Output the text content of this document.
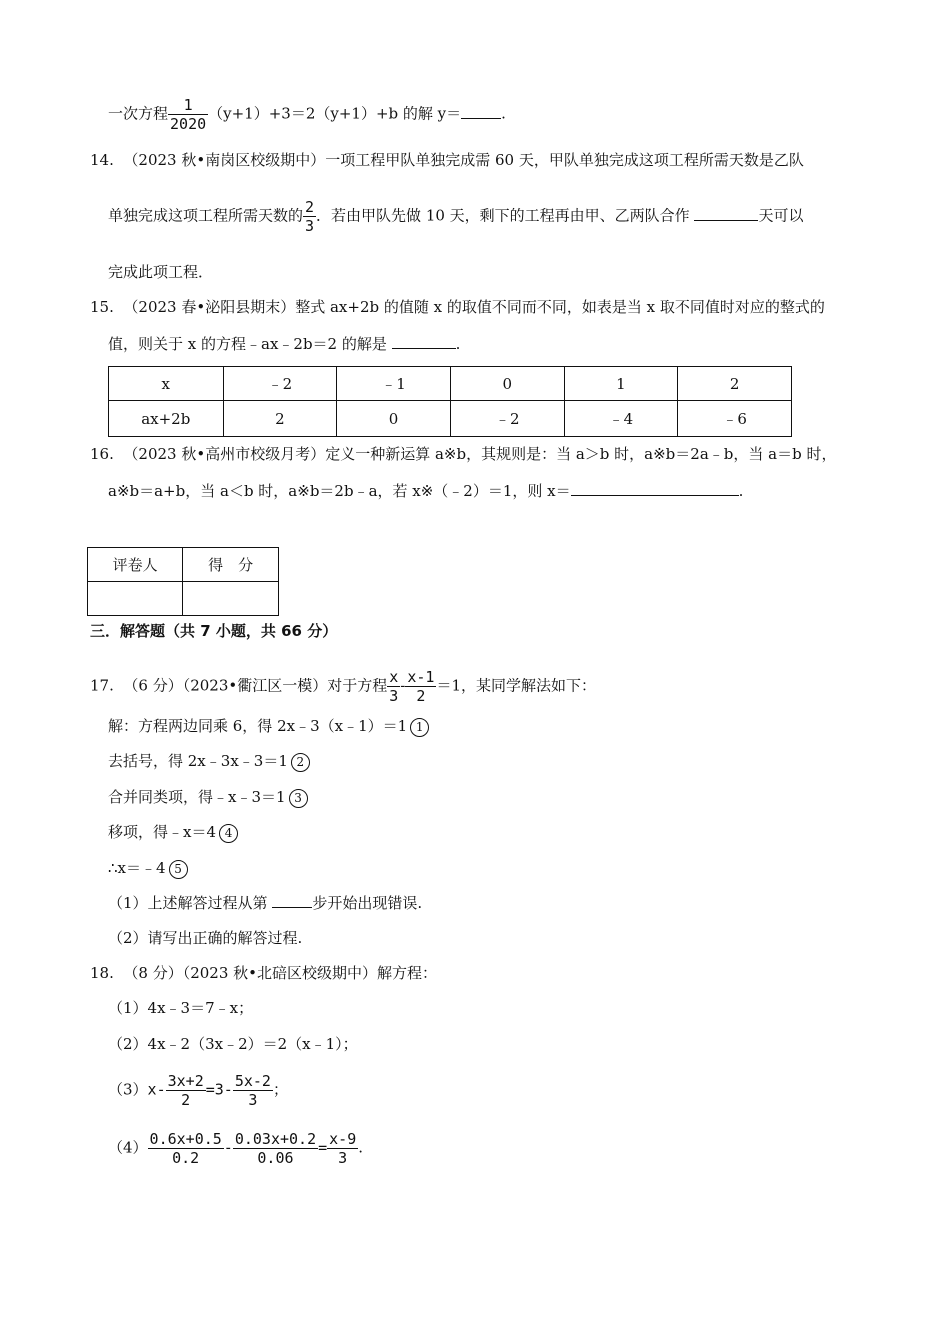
一次方程 $\frac{1}{2020} (y+1)+3=2(y+1)+b$ 的解 y＝	.
14. （2023 秋•南岗区校级期中）一项工程甲队单独完成需 60 天，甲队单独完成这项工程所需天数是乙队
单独完成这项工程所需天数的 $\frac{2}{3}$ ．若由甲队先做 10 天，剩下的工程再由甲、乙两队合作	天可以
完成此项工程．
15. （2023 春•泌阳县期末）整式 ax+2b 的值随 x 的取值不同而不同，如表是当 x 取不同值时对应的整式的
值，则关于 x 的方程﹣ax﹣2b＝2 的解是	.
x	﹣2	﹣1	0	1	2
ax+2b	2	0	﹣2	﹣4	﹣6
16. （2023 秋•高州市校级月考）定义一种新运算 a※b，其规则是：当 a＞b 时，a※b＝2a﹣b，当 a＝b 时，
a※b＝a+b，当 a＜b 时，a※b＝2b﹣a，若 x※（﹣2）＝1，则 x＝	.
评卷人	得　分

三．解答题（共 7 小题，共 66 分）
17. （6 分）（2023•衢江区一模）对于方程 $\frac{x}{3} - \frac{x-1}{2} =1$，某同学解法如下：
解：方程两边同乘 6，得 2x﹣3（x﹣1）＝1 1
去括号，得 2x﹣3x﹣3＝1 2
合并同类项，得﹣x﹣3＝1 3
移项，得﹣x＝4 4
∴x＝﹣4 5
（1）上述解答过程从第	步开始出现错误.
（2）请写出正确的解答过程.
18. （8 分）（2023 秋•北碚区校级期中）解方程：
（1）4x﹣3＝7﹣x；
（2）4x﹣2（3x﹣2）＝2（x﹣1）；
$(3)x- \frac{3x+2}{2} =3- \frac{5x-2}{3}$ ；
$(4) \frac{0.6x+0.5}{0.2} - \frac{0.03x+0.2}{0.06} = \frac{x-9}{3}$ .
